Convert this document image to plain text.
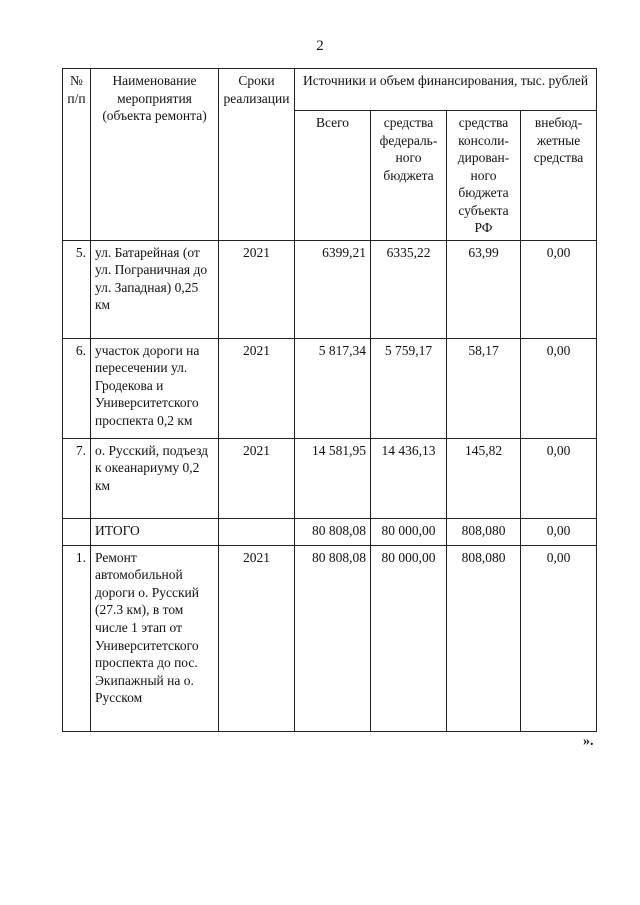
2
№ п/п	Наименование мероприятия (объекта ремонта)	Сроки реализации	Источники и объем финансирования, тыс. рублей			
			Всего	средства федераль-ного бюджета	средства консоли-дирован-ного бюджета субъекта РФ	внебюд-жетные средства
5.	ул. Батарейная (от ул. Пограничная до ул. Западная) 0,25 км	2021	6399,21	6335,22	63,99	0,00
6.	участок дороги на пересечении ул. Гродекова и Университетского проспекта 0,2 км	2021	5 817,34	5 759,17	58,17	0,00
7.	о. Русский, подъезд к океанариуму 0,2 км	2021	14 581,95	14 436,13	145,82	0,00
	ИТОГО		80 808,08	80 000,00	808,080	0,00
1.	Ремонт автомобильной дороги о. Русский (27.3 км), в том числе 1 этап от Университетского проспекта до пос. Экипажный на о. Русском	2021	80 808,08	80 000,00	808,080	0,00
».
